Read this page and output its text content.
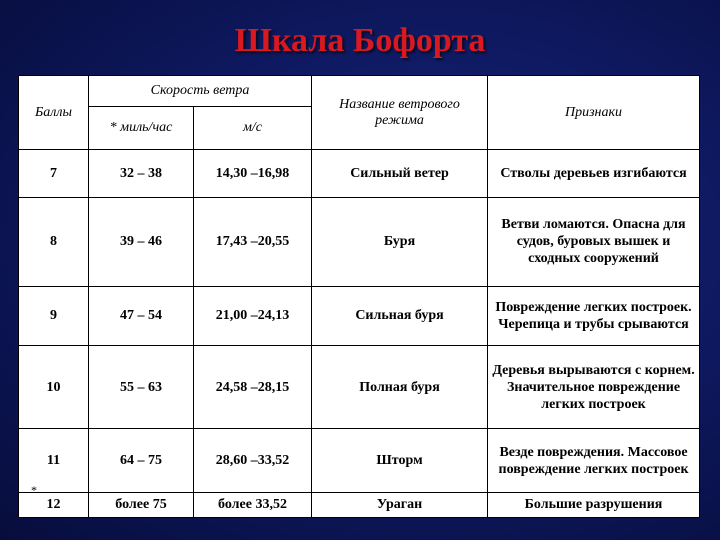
Шкала Бофорта
Баллы	Скорость ветра		Название ветрового режима	Признаки
	* миль/час	м/с		
7	32 – 38	14,30 –16,98	Сильный ветер	Стволы деревьев изгибаются
8	39 – 46	17,43 –20,55	Буря	Ветви ломаются. Опасна для судов, буровых вышек и сходных сооружений
9	47 – 54	21,00 –24,13	Сильная буря	Повреждение легких построек. Черепица и трубы срываются
10	55 – 63	24,58 –28,15	Полная буря	Деревья вырываются с корнем. Значительное повреждение легких построек
11	64 – 75	28,60 –33,52	Шторм	Везде повреждения. Массовое повреждение легких построек
12	более 75	более 33,52	Ураган	Большие разрушения
*
